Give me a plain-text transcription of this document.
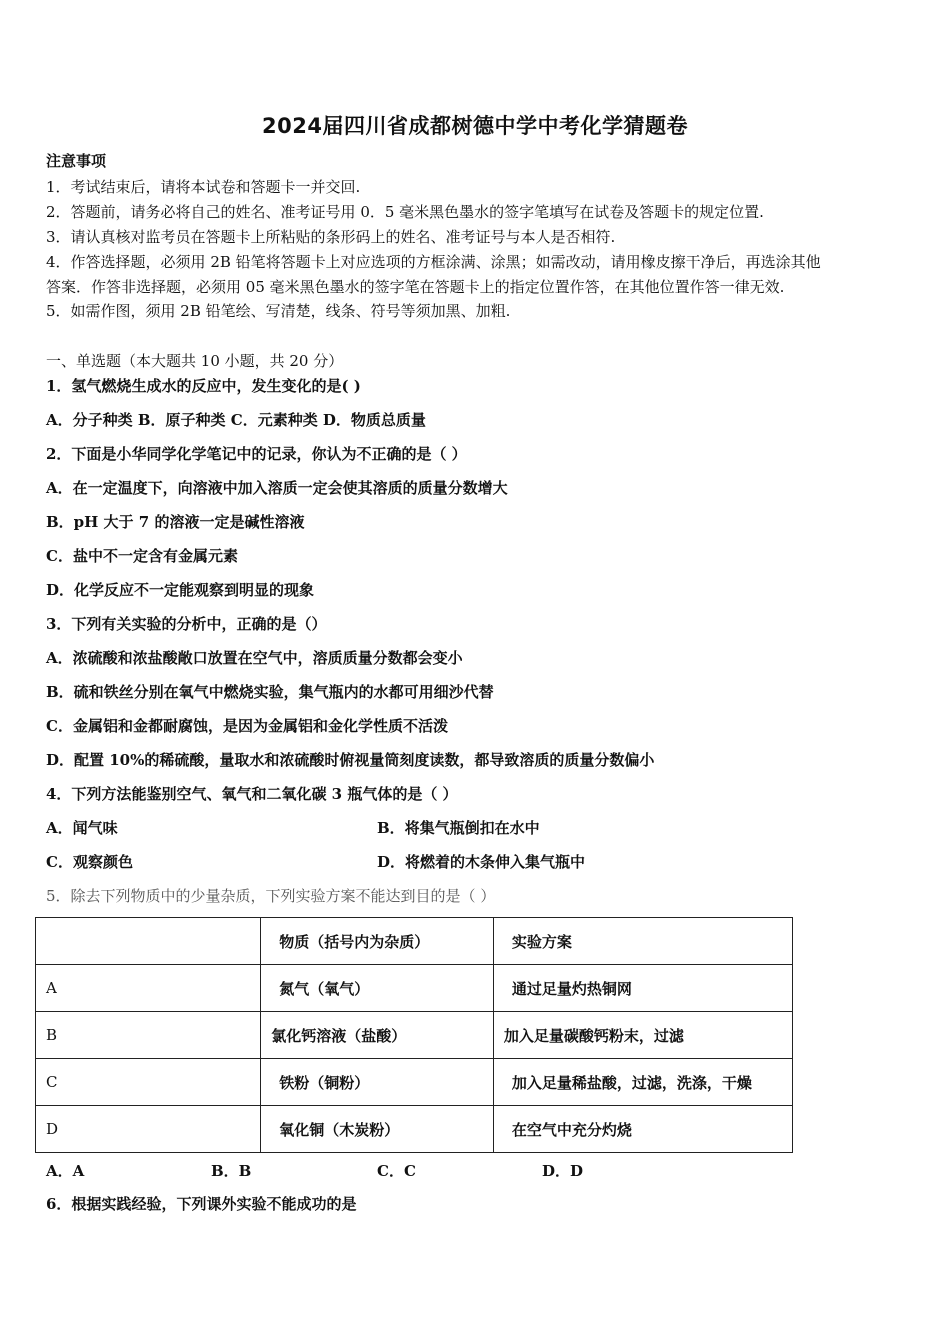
2024届四川省成都树德中学中考化学猜题卷
注意事项
1．考试结束后，请将本试卷和答题卡一并交回.
2．答题前，请务必将自己的姓名、准考证号用 0．5 毫米黑色墨水的签字笔填写在试卷及答题卡的规定位置.
3．请认真核对监考员在答题卡上所粘贴的条形码上的姓名、准考证号与本人是否相符.
4．作答选择题，必须用 2B 铅笔将答题卡上对应选项的方框涂满、涂黑；如需改动，请用橡皮擦干净后，再选涂其他
答案．作答非选择题，必须用 05 毫米黑色墨水的签字笔在答题卡上的指定位置作答，在其他位置作答一律无效.
5．如需作图，须用 2B 铅笔绘、写清楚，线条、符号等须加黑、加粗.
一、单选题（本大题共 10 小题，共 20 分）
1．氢气燃烧生成水的反应中，发生变化的是( )
A．分子种类 B．原子种类 C．元素种类 D．物质总质量
2．下面是小华同学化学笔记中的记录，你认为不正确的是（ ）
A．在一定温度下，向溶液中加入溶质一定会使其溶质的质量分数增大
B．pH 大于 7 的溶液一定是碱性溶液
C．盐中不一定含有金属元素
D．化学反应不一定能观察到明显的现象
3．下列有关实验的分析中，正确的是（）
A．浓硫酸和浓盐酸敞口放置在空气中，溶质质量分数都会变小
B．硫和铁丝分别在氧气中燃烧实验，集气瓶内的水都可用细沙代替
C．金属铝和金都耐腐蚀，是因为金属铝和金化学性质不活泼
D．配置 10%的稀硫酸，量取水和浓硫酸时俯视量筒刻度读数，都导致溶质的质量分数偏小
4．下列方法能鉴别空气、氧气和二氧化碳 3 瓶气体的是（ ）
A．闻气味	B．将集气瓶倒扣在水中
C．观察颜色	D．将燃着的木条伸入集气瓶中
5．除去下列物质中的少量杂质，下列实验方案不能达到目的是（ ）
	物质（括号内为杂质）	实验方案
A	氮气（氧气）	通过足量灼热铜网
B	氯化钙溶液（盐酸）	加入足量碳酸钙粉末，过滤
C	铁粉（铜粉）	加入足量稀盐酸，过滤，洗涤，干燥
D	氧化铜（木炭粉）	在空气中充分灼烧
A．A	B．B	C．C	D．D
6．根据实践经验，下列课外实验不能成功的是
